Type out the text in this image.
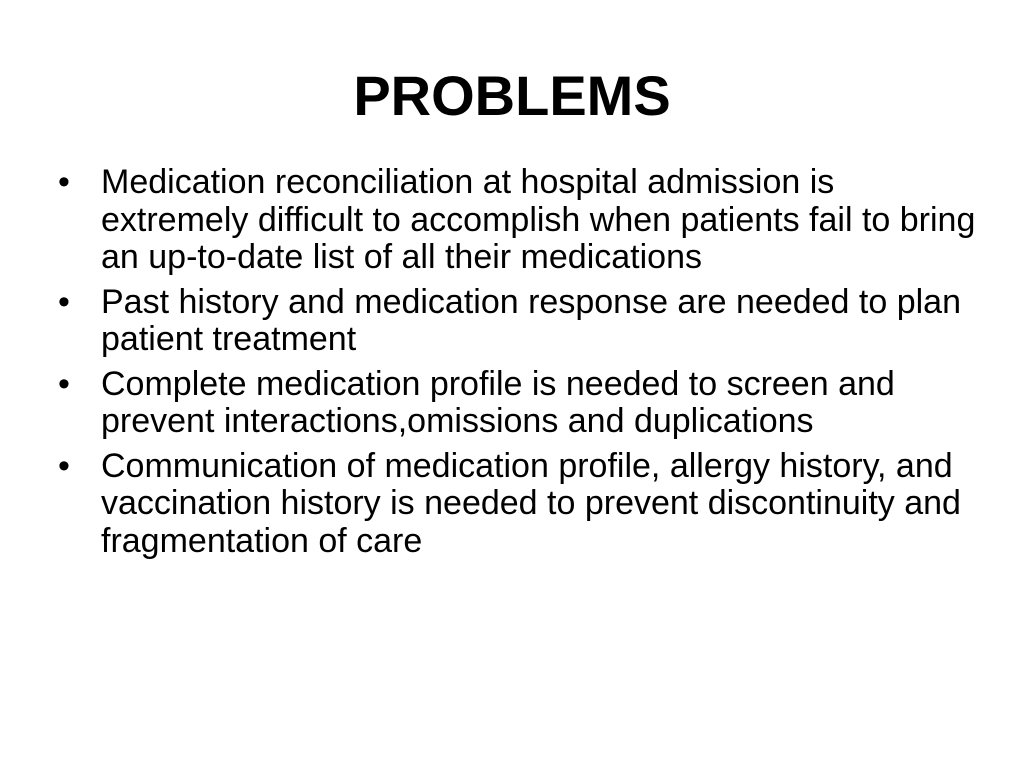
PROBLEMS
• Medication reconciliation at hospital admission is extremely difficult to accomplish when patients fail to bring an up-to-date list of all their medications
• Past history and medication response are needed to plan patient treatment
• Complete medication profile is needed to screen and prevent interactions,omissions and duplications
• Communication of medication profile, allergy history, and vaccination history is needed to prevent discontinuity and fragmentation of care
